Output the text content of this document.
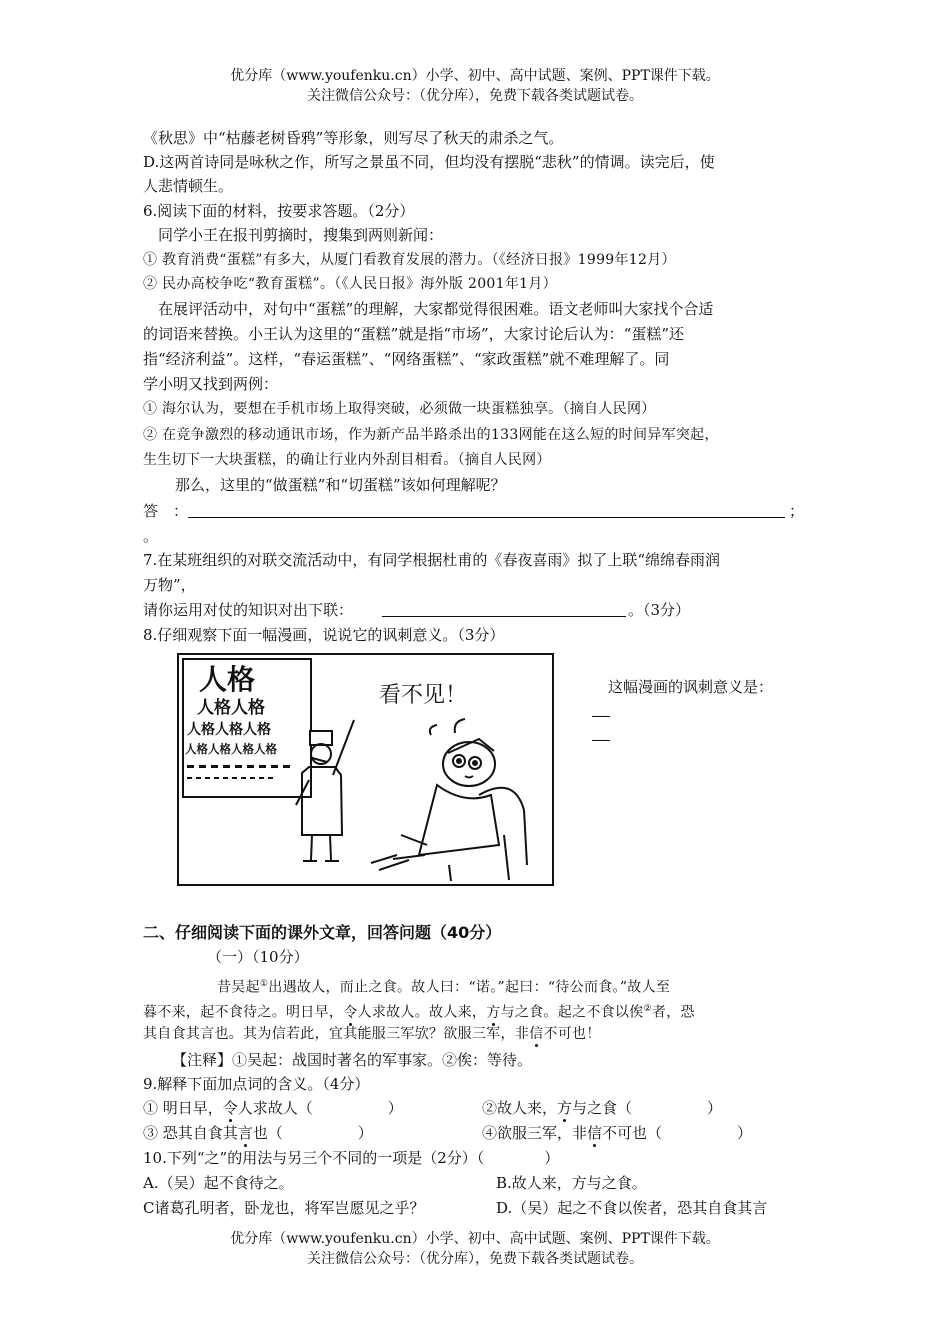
优分库（www.youfenku.cn）小学、初中、高中试题、案例、PPT课件下载。
关注微信公众号：（优分库），免费下载各类试题试卷。
《秋思》中“枯藤老树昏鸦”等形象，则写尽了秋天的肃杀之气。
D.这两首诗同是咏秋之作，所写之景虽不同，但均没有摆脱“悲秋”的情调。读完后，使
人悲情顿生。
6.阅读下面的材料，按要求答题。（2分）
同学小王在报刊剪摘时，搜集到两则新闻：
① 教育消费“蛋糕”有多大，从厦门看教育发展的潜力。（《经济日报》1999年12月）
② 民办高校争吃“教育蛋糕”。（《人民日报》海外版 2001年1月）
在展评活动中，对句中“蛋糕”的理解，大家都觉得很困难。语文老师叫大家找个合适
的词语来替换。小王认为这里的“蛋糕”就是指“市场”，大家讨论后认为：“蛋糕”还
指“经济利益”。这样，“春运蛋糕”、“网络蛋糕”、“家政蛋糕”就不难理解了。同
学小明又找到两例：
① 海尔认为，要想在手机市场上取得突破，必须做一块蛋糕独享。（摘自人民网）
② 在竞争激烈的移动通讯市场，作为新产品半路杀出的133网能在这么短的时间异军突起，
生生切下一大块蛋糕，的确让行业内外刮目相看。（摘自人民网）
那么，这里的“做蛋糕”和“切蛋糕”该如何理解呢？
答　：	；
。
7.在某班组织的对联交流活动中，有同学根据杜甫的《春夜喜雨》拟了上联“绵绵春雨润
万物”，
请你运用对仗的知识对出下联：	。（3分）
8.仔细观察下面一幅漫画，说说它的讽刺意义。（3分）
人格
人格人格
人格人格人格
人格人格人格人格
看不见！	这幅漫画的讽刺意义是：
二、仔细阅读下面的课外文章，回答问题（40分）
（一）（10分）
昔吴起①出遇故人，而止之食。故人曰：“诺。”起曰：“待公而食。”故人至
暮不来，起不食待之。明日早，令人求故人。故人来，方与之食。起之不食以俟②者，恐
其自食其言也。其为信若此，宜其能服三军欤？欲服三军，非信不可也！
【注释】①吴起：战国时著名的军事家。②俟：等待。
9.解释下面加点词的含义。（4分）
① 明日早，令人求故人（　　　　　）	②故人来，方与之食（　　　　　）
③ 恐其自食其言也（　　　　　）	④欲服三军，非信不可也（　　　　　）
10.下列“之”的用法与另三个不同的一项是（2分）（　　　　）
A.（吴）起不食待之。	B.故人来，方与之食。
C诸葛孔明者，卧龙也，将军岂愿见之乎？	D.（吴）起之不食以俟者，恐其自食其言
优分库（www.youfenku.cn）小学、初中、高中试题、案例、PPT课件下载。
关注微信公众号：（优分库），免费下载各类试题试卷。
